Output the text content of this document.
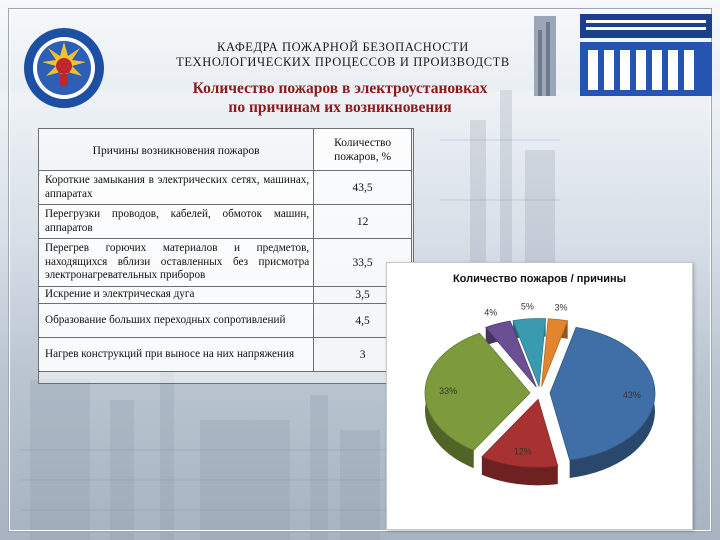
КАФЕДРА ПОЖАРНОЙ БЕЗОПАСНОСТИ
ТЕХНОЛОГИЧЕСКИХ ПРОЦЕССОВ И ПРОИЗВОДСТВ
Количество пожаров в электроустановках
по причинам их возникновения
Причины возникновения пожаров	Количество
пожаров, %
Короткие замыкания в электрических сетях, машинах, аппаратах	43,5
Перегрузки проводов, кабелей, обмоток машин, аппаратов	12
Перегрев горючих материалов и предметов, находящихся вблизи оставленных без присмотра электронагревательных приборов	33,5
Искрение и электрическая дуга	3,5
Образование больших переходных сопротивлений	4,5
Нагрев конструкций при выносе на них напряжения	3
Количество пожаров / причины
43%
12%
33%
4%
5% 3%
